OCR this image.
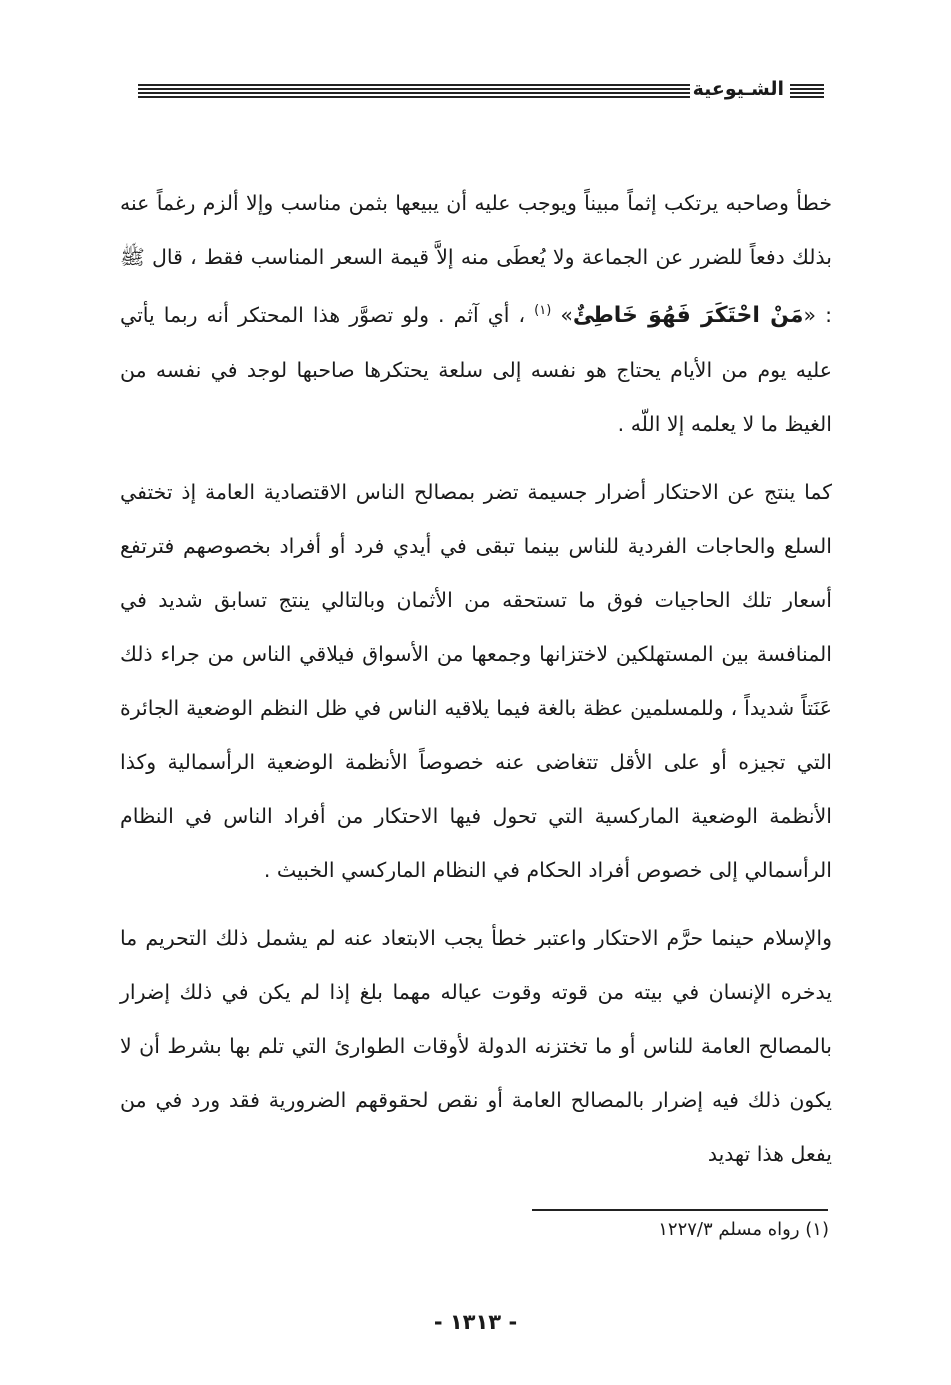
الشـيوعية

خطأ وصاحبه يرتكب إثماً مبيناً ويوجب عليه أن يبيعها بثمن مناسب وإلا ألزم رغماً عنه بذلك دفعاً للضرر عن الجماعة ولا يُعطَى منه إلاَّ قيمة السعر المناسب فقط ، قال ﷺ : «مَنْ احْتَكَرَ فَهُوَ خَاطِئٌ» $^{(١)}$ ، أي آثم . ولو تصوَّر هذا المحتكر أنه ربما يأتي عليه يوم من الأيام يحتاج هو نفسه إلى سلعة يحتكرها صاحبها لوجد في نفسه من الغيظ ما لا يعلمه إلا اللّه .

كما ينتج عن الاحتكار أضرار جسيمة تضر بمصالح الناس الاقتصادية العامة إذ تختفي السلع والحاجات الفردية للناس بينما تبقى في أيدي فرد أو أفراد بخصوصهم فترتفع أسعار تلك الحاجيات فوق ما تستحقه من الأثمان وبالتالي ينتج تسابق شديد في المنافسة بين المستهلكين لاختزانها وجمعها من الأسواق فيلاقي الناس من جراء ذلك عَنَتاً شديداً ، وللمسلمين عظة بالغة فيما يلاقيه الناس في ظل النظم الوضعية الجائرة التي تجيزه أو على الأقل تتغاضى عنه خصوصاً الأنظمة الوضعية الرأسمالية وكذا الأنظمة الوضعية الماركسية التي تحول فيها الاحتكار من أفراد الناس في النظام الرأسمالي إلى خصوص أفراد الحكام في النظام الماركسي الخبيث .

والإسلام حينما حرَّم الاحتكار واعتبر خطأ يجب الابتعاد عنه لم يشمل ذلك التحريم ما يدخره الإنسان في بيته من قوته وقوت عياله مهما بلغ إذا لم يكن في ذلك إضرار بالمصالح العامة للناس أو ما تختزنه الدولة لأوقات الطوارئ التي تلم بها بشرط أن لا يكون ذلك فيه إضرار بالمصالح العامة أو نقص لحقوقهم الضرورية فقد ورد في من يفعل هذا تهديد

(١) رواه مسلم ١٢٢٧/٣
- ١٣١٣ -
